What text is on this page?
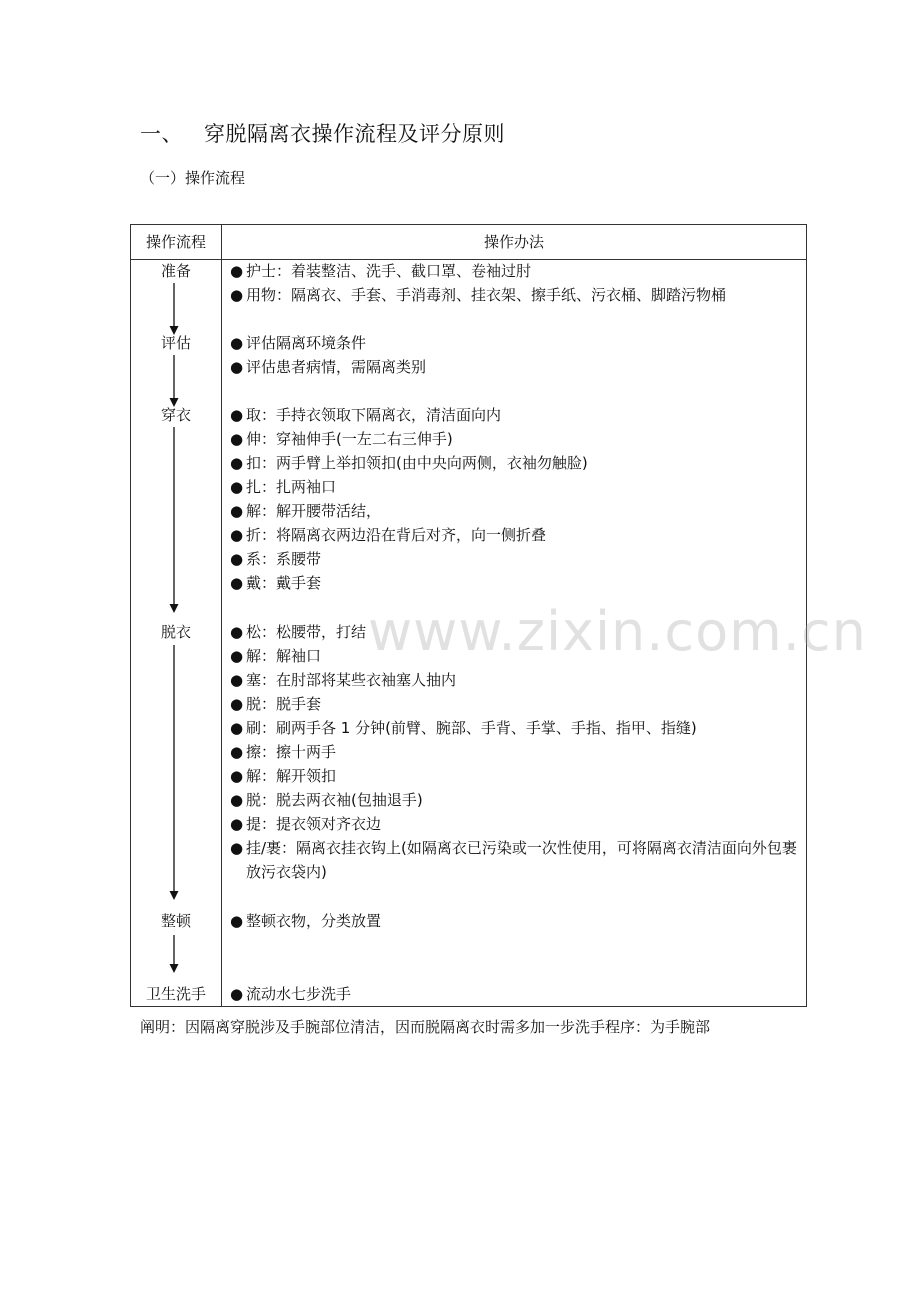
一、 穿脱隔离衣操作流程及评分原则
（一）操作流程
操作流程	操作办法
准备	● 护士：着装整洁、洗手、截口罩、卷袖过肘
● 用物：隔离衣、手套、手消毒剂、挂衣架、擦手纸、污衣桶、脚踏污物桶
评估	● 评估隔离环境条件
● 评估患者病情，需隔离类别
穿衣	● 取：手持衣领取下隔离衣，清洁面向内
● 伸：穿袖伸手(一左二右三伸手)
● 扣：两手臂上举扣领扣(由中央向两侧，衣袖勿触脸)
● 扎：扎两袖口
● 解：解开腰带活结，
● 折：将隔离衣两边沿在背后对齐，向一侧折叠
● 系：系腰带
● 戴：戴手套
脱衣	● 松：松腰带，打结
● 解：解袖口
● 塞：在肘部将某些衣袖塞人抽内
● 脱：脱手套
● 刷：刷两手各 1 分钟(前臂、腕部、手背、手掌、手指、指甲、指缝)
● 擦：擦十两手
● 解：解开领扣
● 脱：脱去两衣袖(包抽退手)
● 提：提衣领对齐衣边
● 挂/裹：隔离衣挂衣钩上(如隔离衣已污染或一次性使用，可将隔离衣清洁面向外包裹放污衣袋内)
整顿	● 整顿衣物，分类放置
卫生洗手	● 流动水七步洗手
阐明：因隔离穿脱涉及手腕部位清洁，因而脱隔离衣时需多加一步洗手程序：为手腕部
www.zixin.com.cn
